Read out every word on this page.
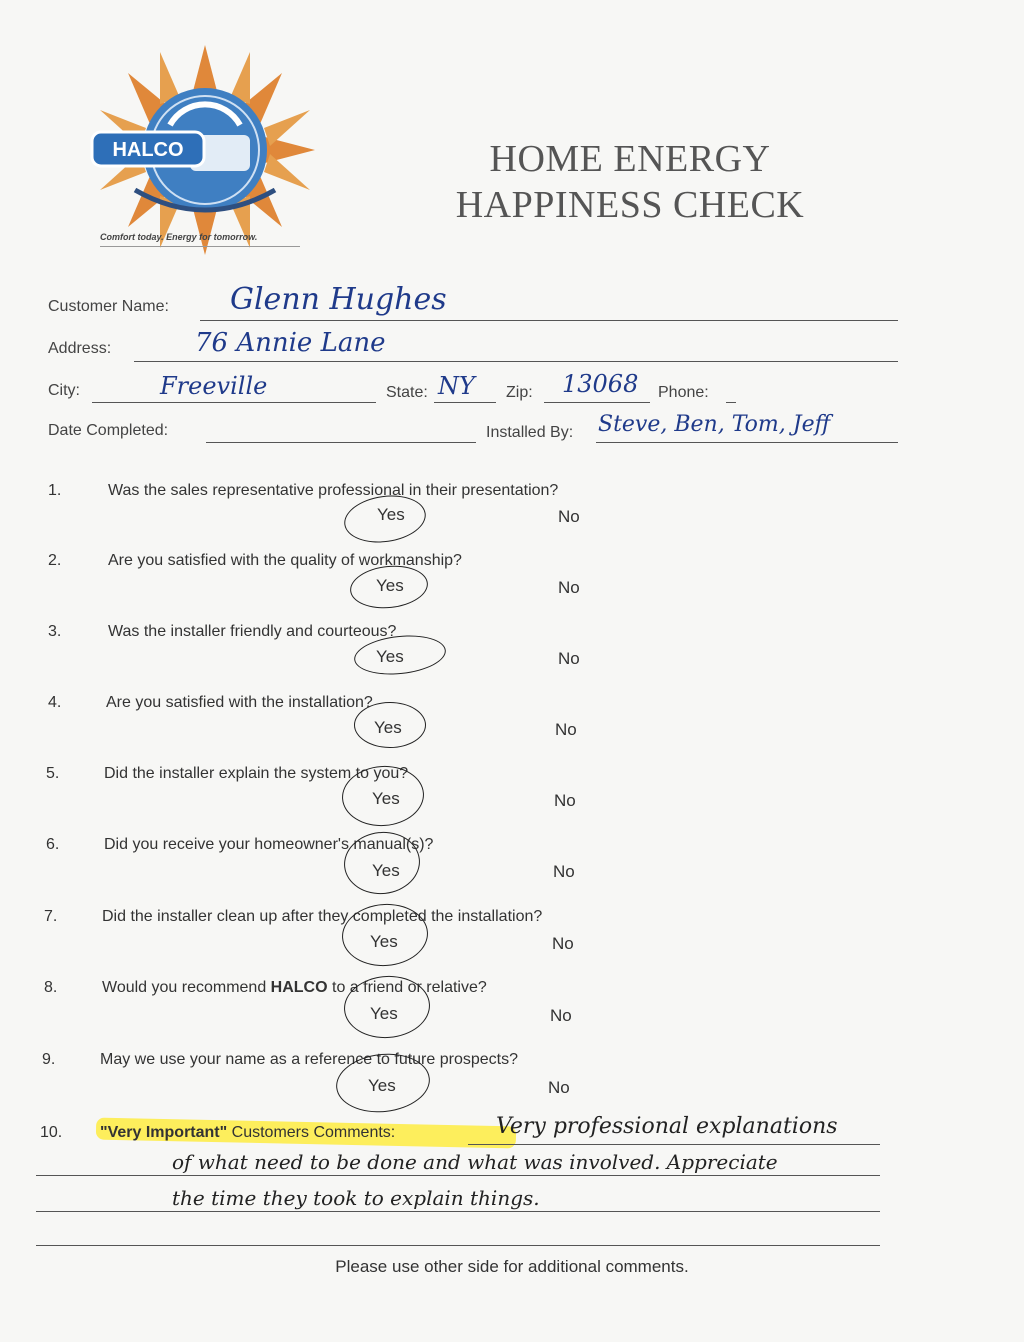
HALCO
Comfort today. Energy for tomorrow.
HOME ENERGY
HAPPINESS CHECK
Customer Name: Glenn Hughes
Address:	76 Annie Lane
City:	Freeville	State: NY Zip: 13068 Phone:
Date Completed:	Installed By: Steve, Ben, Tom, Jeff
1.	Was the sales representative professional in their presentation?
Yes	No
2.	Are you satisfied with the quality of workmanship?
Yes	No
3.	Was the installer friendly and courteous?
Yes	No
4.	Are you satisfied with the installation?
Yes	No
5.	Did the installer explain the system to you?
Yes	No
6.	Did you receive your homeowner's manual(s)?
Yes	No
7.	Did the installer clean up after they completed the installation?
Yes	No
8.	Would you recommend HALCO to a friend or relative?
Yes	No
9.	May we use your name as a reference to future prospects?
Yes	No
10. "Very Important" Customers Comments:	Very professional explanations
of what need to be done and what was involved. Appreciate
the time they took to explain things.
Please use other side for additional comments.
